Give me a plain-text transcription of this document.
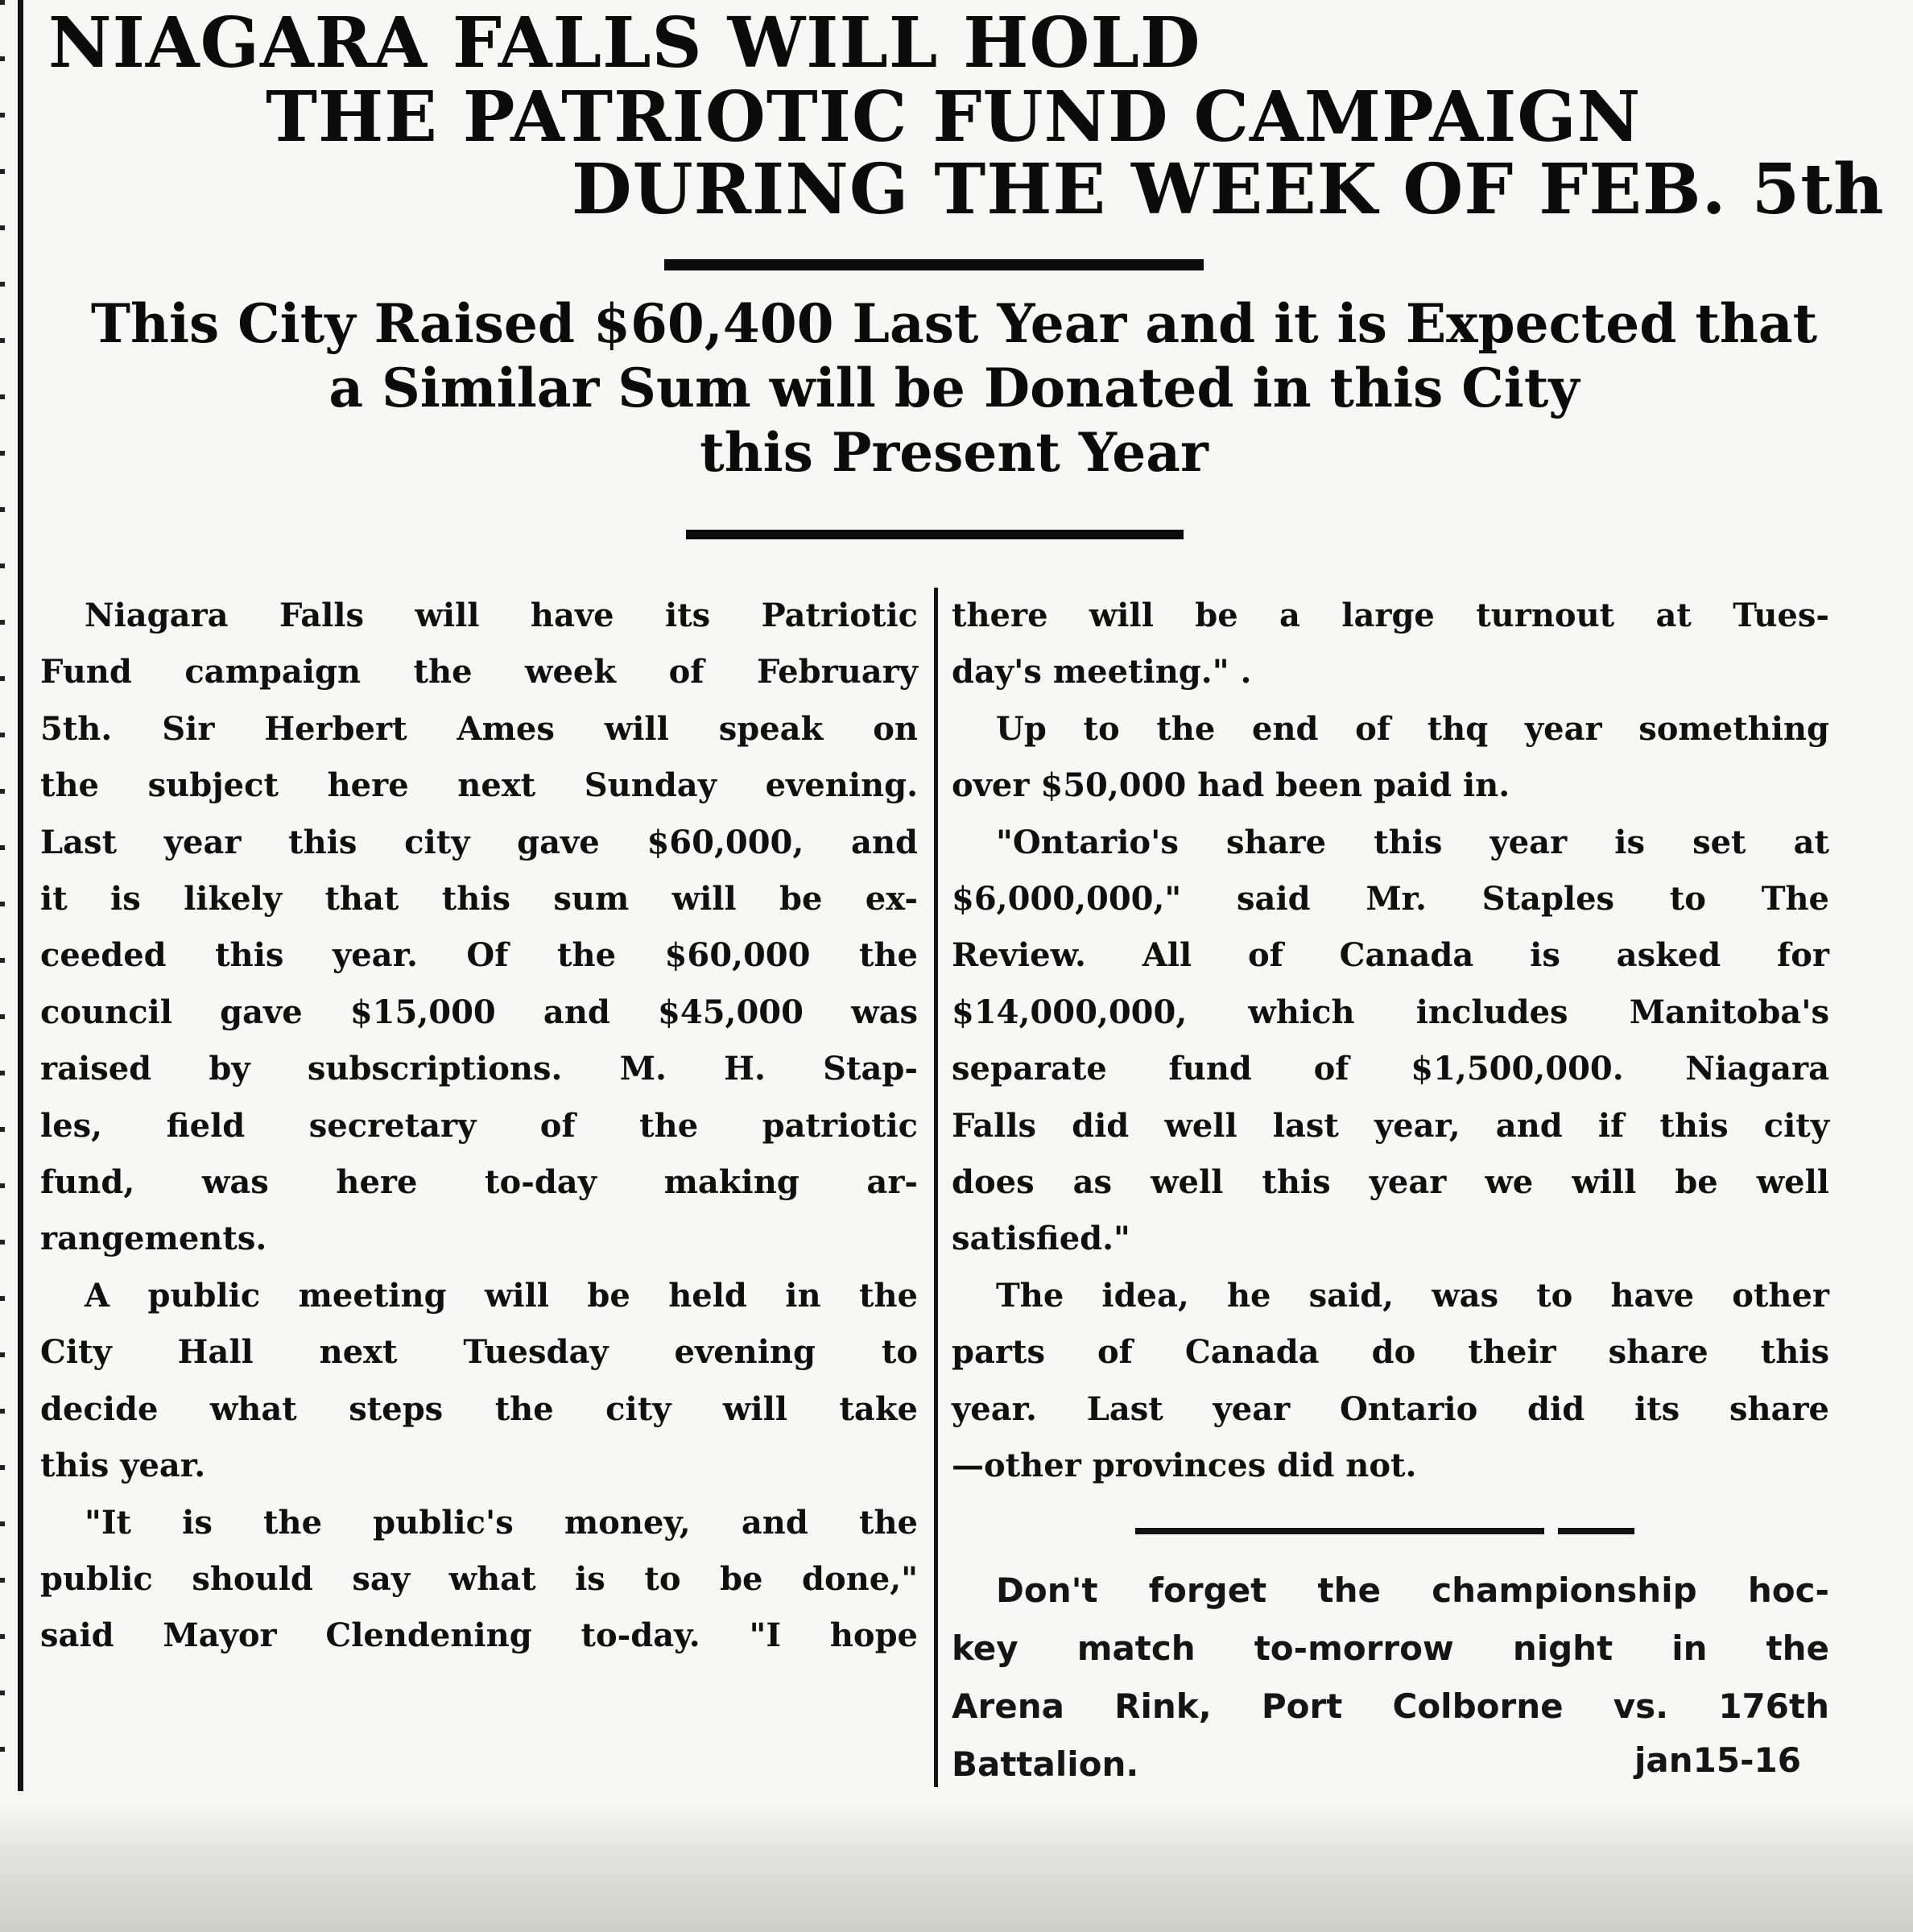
NIAGARA FALLS WILL HOLD
THE PATRIOTIC FUND CAMPAIGN
DURING THE WEEK OF FEB. 5th
This City Raised $60,400 Last Year and it is Expected that
a Similar Sum will be Donated in this City
this Present Year
Niagara Falls will have its Patriotic
Fund campaign the week of February
5th. Sir Herbert Ames will speak on
the subject here next Sunday evening.
Last year this city gave $60,000, and
it is likely that this sum will be ex-
ceeded this year. Of the $60,000 the
council gave $15,000 and $45,000 was
raised by subscriptions. M. H. Stap-
les, field secretary of the patriotic
fund, was here to-day making ar-
rangements.
A public meeting will be held in the
City Hall next Tuesday evening to
decide what steps the city will take
this year.
"It is the public's money, and the
public should say what is to be done,"
said Mayor Clendening to-day. "I hope
there will be a large turnout at Tues-
day's meeting." .
Up to the end of thq year something
over $50,000 had been paid in.
"Ontario's share this year is set at
$6,000,000," said Mr. Staples to The
Review. All of Canada is asked for
$14,000,000, which includes Manitoba's
separate fund of $1,500,000. Niagara
Falls did well last year, and if this city
does as well this year we will be well
satisfied."
The idea, he said, was to have other
parts of Canada do their share this
year. Last year Ontario did its share
—other provinces did not.
Don't forget the championship hoc-
key match to-morrow night in the
Arena Rink, Port Colborne vs. 176th
Battalion.	jan15-16
